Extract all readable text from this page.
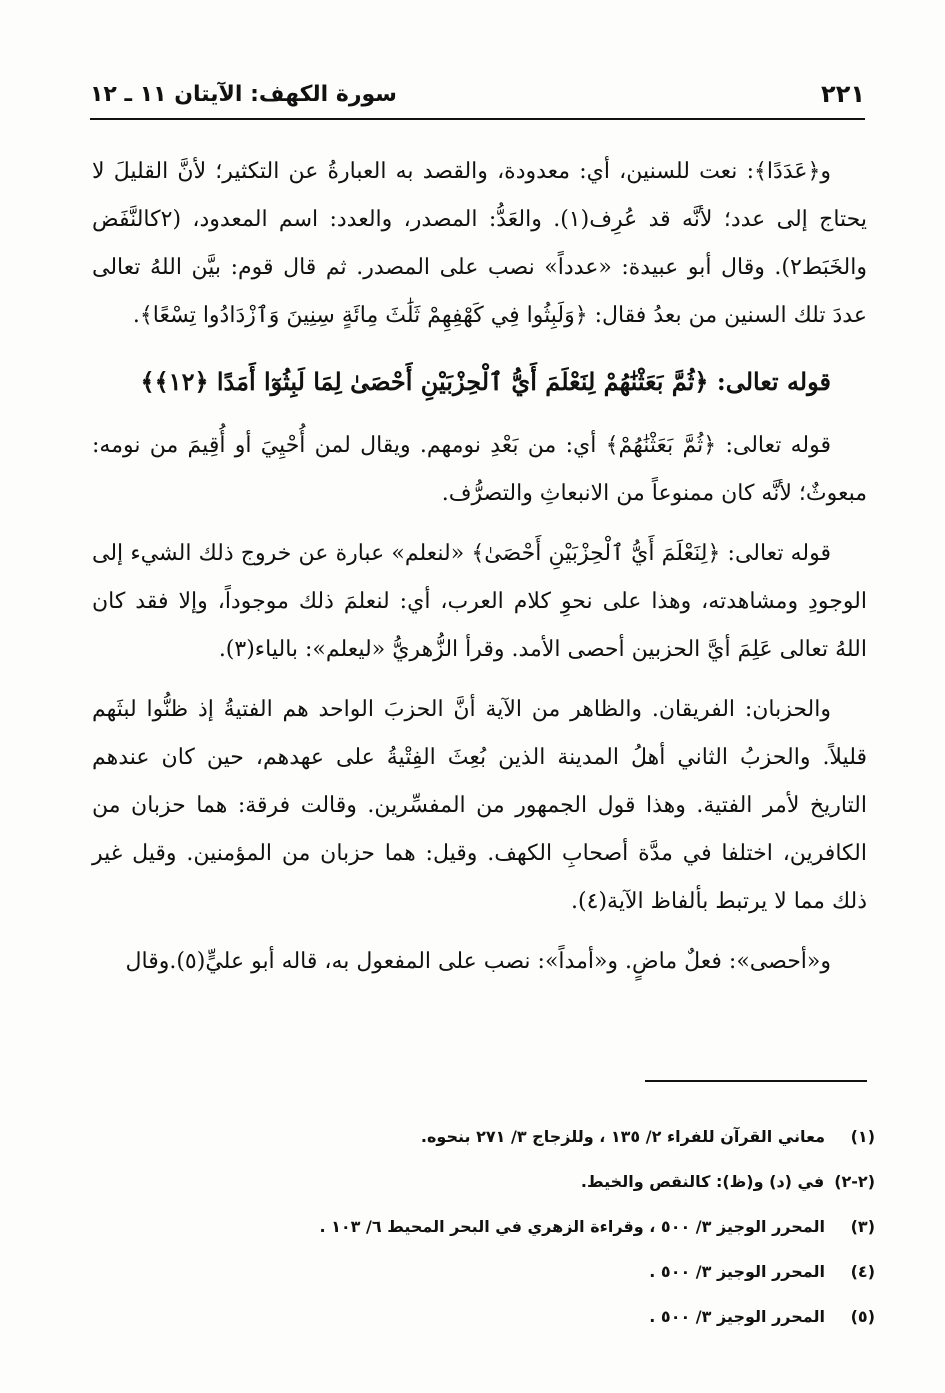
سورة الكهف: الآيتان ١١ ـ ١٢	٢٢١

و﴿عَدَدًا﴾: نعت للسنين، أي: معدودة، والقصد به العبارةُ عن التكثير؛ لأنَّ القليلَ لا يحتاج إلى عدد؛ لأنَّه قد عُرِف(١). والعَدُّ: المصدر، والعدد: اسم المعدود، (٢كالنَّفَض والخَبَط٢). وقال أبو عبيدة: «عدداً» نصب على المصدر. ثم قال قوم: بيَّن اللهُ تعالى عددَ تلك السنين من بعدُ فقال: ﴿وَلَبِثُوا فِي كَهْفِهِمْ ثَلَٰثَ مِائَةٍ سِنِينَ وَٱزْدَادُوا تِسْعًا﴾.

قوله تعالى: ﴿ثُمَّ بَعَثْنَٰهُمْ لِنَعْلَمَ أَيُّ ٱلْحِزْبَيْنِ أَحْصَىٰ لِمَا لَبِثُوٓا أَمَدًا ﴿١٢﴾﴾

قوله تعالى: ﴿ثُمَّ بَعَثْنَٰهُمْ﴾ أي: من بَعْدِ نومهم. ويقال لمن أُحْيِيَ أو أُقِيمَ من نومه: مبعوثٌ؛ لأنَّه كان ممنوعاً من الانبعاثِ والتصرُّف.

قوله تعالى: ﴿لِنَعْلَمَ أَيُّ ٱلْحِزْبَيْنِ أَحْصَىٰ﴾ «لنعلم» عبارة عن خروج ذلك الشيء إلى الوجودِ ومشاهدته، وهذا على نحوِ كلام العرب، أي: لنعلمَ ذلك موجوداً، وإلا فقد كان اللهُ تعالى عَلِمَ أيَّ الحزبين أحصى الأمد. وقرأ الزُّهريُّ «ليعلم»: بالياء(٣).

والحزبان: الفريقان. والظاهر من الآية أنَّ الحزبَ الواحد هم الفتيةُ إذ ظنُّوا لبثَهم قليلاً. والحزبُ الثاني أهلُ المدينة الذين بُعِثَ الفِتْيةُ على عهدهم، حين كان عندهم التاريخ لأمر الفتية. وهذا قول الجمهور من المفسِّرين. وقالت فرقة: هما حزبان من الكافرين، اختلفا في مدَّة أصحابِ الكهف. وقيل: هما حزبان من المؤمنين. وقيل غير ذلك مما لا يرتبط بألفاظ الآية(٤).

و«أحصى»: فعلٌ ماضٍ. و«أمداً»: نصب على المفعول به، قاله أبو عليٍّ(٥).وقال

(١)
معاني القرآن للفراء ٢/ ١٣٥ ، وللزجاج ٣/ ٢٧١ بنحوه.
(٢-٢)
في (د) و(ظ): كالنقص والخيط.
(٣)
المحرر الوجيز ٣/ ٥٠٠ ، وقراءة الزهري في البحر المحيط ٦/ ١٠٣ .
(٤)
المحرر الوجيز ٣/ ٥٠٠ .
(٥)
المحرر الوجيز ٣/ ٥٠٠ .
